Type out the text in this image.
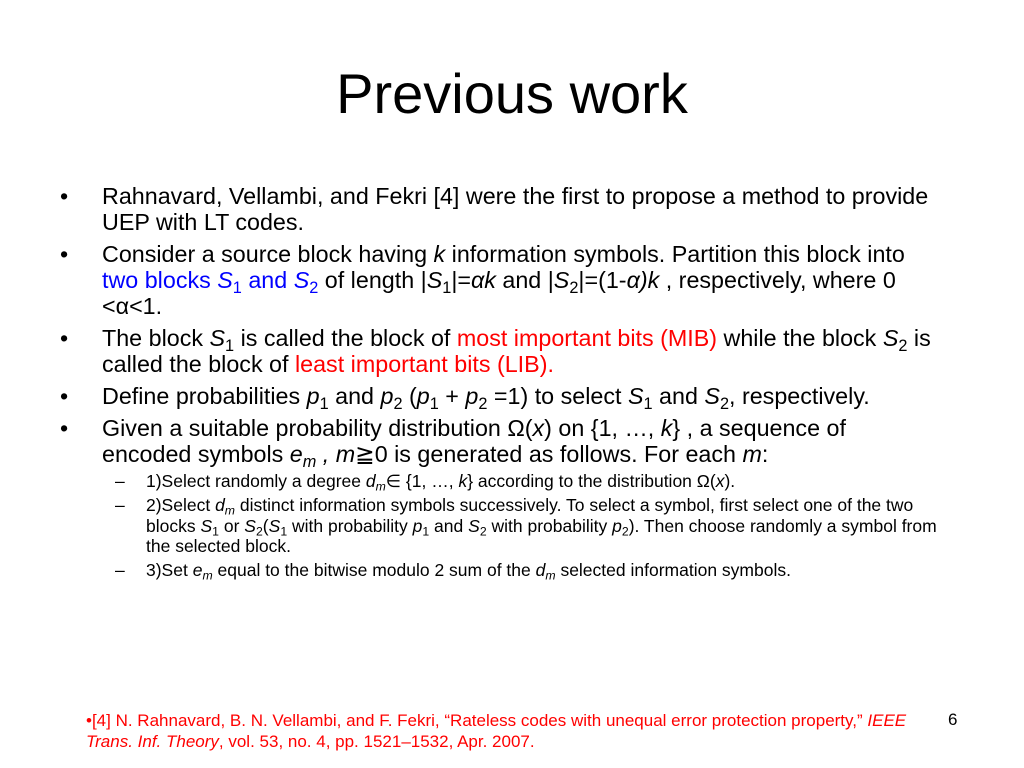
Previous work
• Rahnavard, Vellambi, and Fekri [4] were the first to propose a method to provide UEP with LT codes.
• Consider a source block having k information symbols. Partition this block into two blocks $S_1$ and $S_2$ of length $|S_1|=\alpha k$ and $|S_2|=(1-\alpha)k$ , respectively, where 0 <α<1.
• The block $S_1$ is called the block of most important bits (MIB) while the block $S_2$ is called the block of least important bits (LIB).
• Define probabilities $p_1$ and $p_2$ $(p_1 + p_2 =1)$ to select $S_1$ and $S_2$, respectively.
• Given a suitable probability distribution Ω(x) on {1, …, k} , a sequence of encoded symbols $e_m$ , m≧0 is generated as follows. For each m:
– 1)Select randomly a degree $d_m\in$ {1, …, k} according to the distribution Ω(x).
– 2)Select $d_m$ distinct information symbols successively. To select a symbol, first select one of the two blocks $S_1$ or $S_2(S_1$ with probability $p_1$ and $S_2$ with probability $p_2$). Then choose randomly a symbol from the selected block.
– 3)Set $e_m$ equal to the bitwise modulo 2 sum of the $d_m$ selected information symbols.
•[4] N. Rahnavard, B. N. Vellambi, and F. Fekri, “Rateless codes with unequal error protection property,” IEEE Trans. Inf. Theory, vol. 53, no. 4, pp. 1521–1532, Apr. 2007.
6
